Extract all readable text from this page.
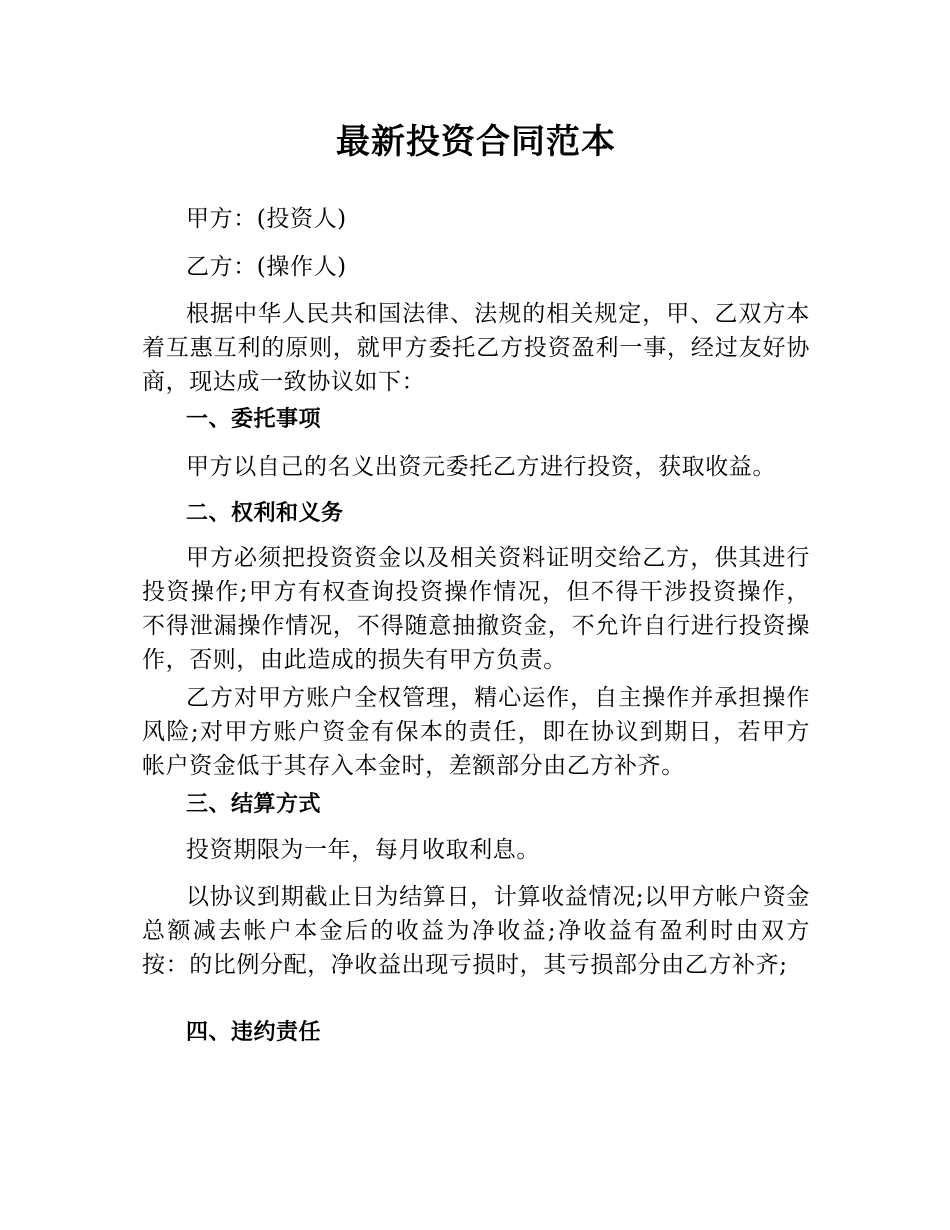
最新投资合同范本

甲方：(投资人)

乙方：(操作人)

根据中华人民共和国法律、法规的相关规定，甲、乙双方本着互惠互利的原则，就甲方委托乙方投资盈利一事，经过友好协商，现达成一致协议如下：

一、委托事项

甲方以自己的名义出资元委托乙方进行投资，获取收益。

二、权利和义务

甲方必须把投资资金以及相关资料证明交给乙方，供其进行投资操作;甲方有权查询投资操作情况，但不得干涉投资操作，不得泄漏操作情况，不得随意抽撤资金，不允许自行进行投资操作，否则，由此造成的损失有甲方负责。

乙方对甲方账户全权管理，精心运作，自主操作并承担操作风险;对甲方账户资金有保本的责任，即在协议到期日，若甲方帐户资金低于其存入本金时，差额部分由乙方补齐。

三、结算方式

投资期限为一年，每月收取利息。

以协议到期截止日为结算日，计算收益情况;以甲方帐户资金总额减去帐户本金后的收益为净收益;净收益有盈利时由双方按：的比例分配，净收益出现亏损时，其亏损部分由乙方补齐;

四、违约责任
